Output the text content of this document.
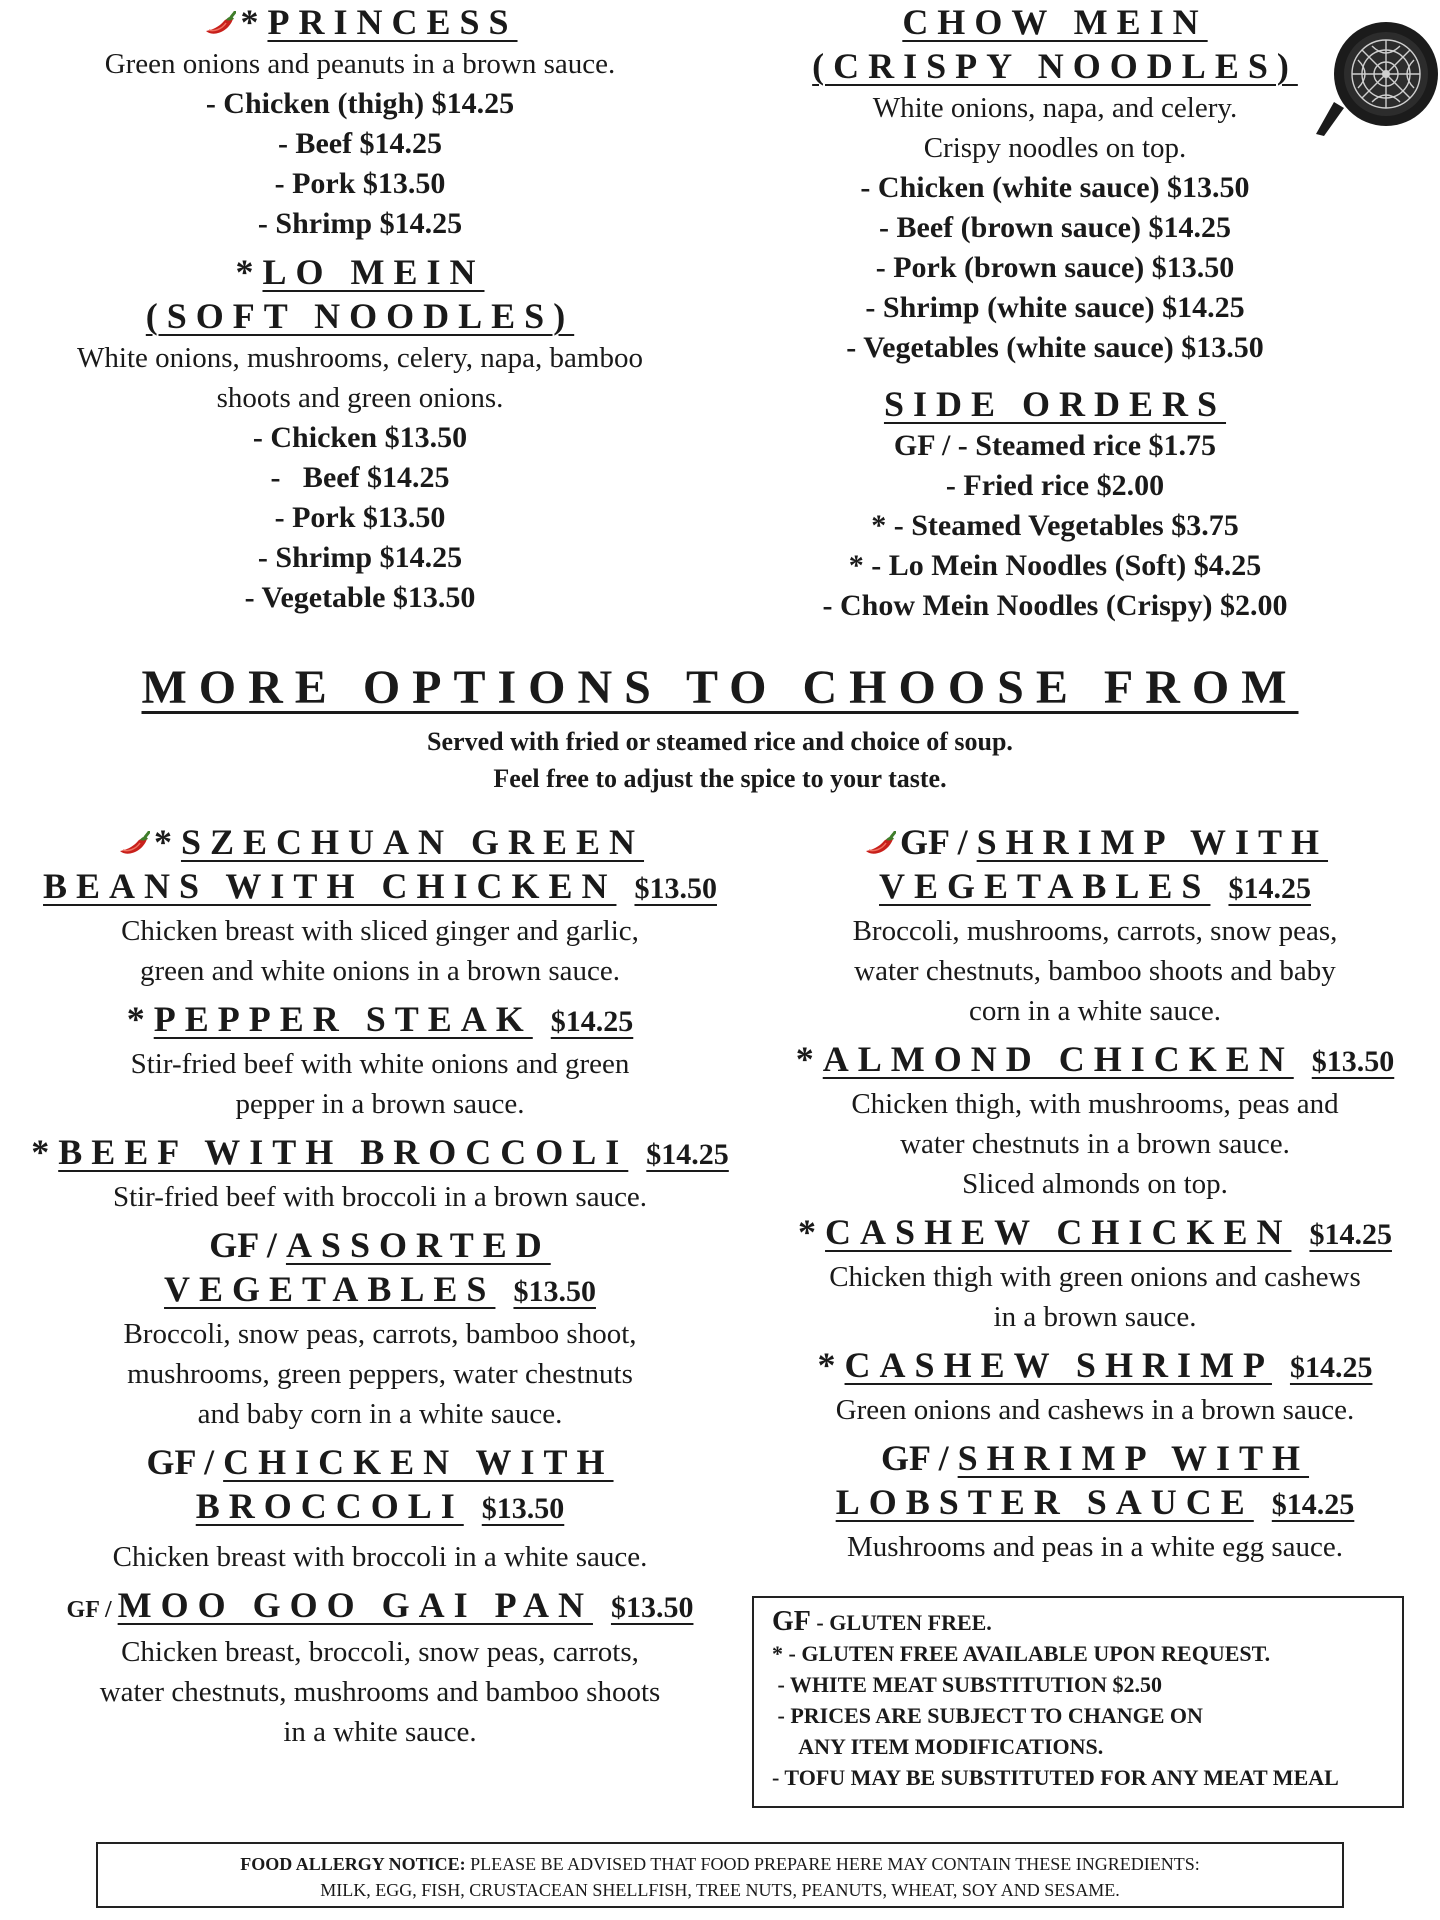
*PRINCESS
Green onions and peanuts in a brown sauce.
- Chicken (thigh) $14.25
- Beef $14.25
- Pork $13.50
- Shrimp $14.25
*LO MEIN
(SOFT NOODLES)
White onions, mushrooms, celery, napa, bamboo
shoots and green onions.
- Chicken $13.50
-   Beef $14.25
- Pork $13.50
- Shrimp $14.25
- Vegetable $13.50
CHOW MEIN
(CRISPY NOODLES)
White onions, napa, and celery.
Crispy noodles on top.
- Chicken (white sauce) $13.50
- Beef (brown sauce) $14.25
- Pork (brown sauce) $13.50
- Shrimp (white sauce) $14.25
- Vegetables (white sauce) $13.50
SIDE ORDERS
GF / - Steamed rice $1.75
- Fried rice $2.00
* - Steamed Vegetables $3.75
* - Lo Mein Noodles (Soft) $4.25
- Chow Mein Noodles (Crispy) $2.00
MORE OPTIONS TO CHOOSE FROM
Served with fried or steamed rice and choice of soup.
Feel free to adjust the spice to your taste.
*SZECHUAN GREEN
BEANS WITH CHICKEN $13.50
Chicken breast with sliced ginger and garlic,
green and white onions in a brown sauce.
*PEPPER STEAK $14.25
Stir-fried beef with white onions and green
pepper in a brown sauce.
*BEEF WITH BROCCOLI $14.25
Stir-fried beef with broccoli in a brown sauce.
GF / ASSORTED
VEGETABLES $13.50
Broccoli, snow peas, carrots, bamboo shoot,
mushrooms, green peppers, water chestnuts
and baby corn in a white sauce.
GF / CHICKEN WITH
BROCCOLI $13.50
Chicken breast with broccoli in a white sauce.
GF / MOO GOO GAI PAN $13.50
Chicken breast, broccoli, snow peas, carrots,
water chestnuts, mushrooms and bamboo shoots
in a white sauce.
GF / SHRIMP WITH
VEGETABLES $14.25
Broccoli, mushrooms, carrots, snow peas,
water chestnuts, bamboo shoots and baby
corn in a white sauce.
*ALMOND CHICKEN $13.50
Chicken thigh, with mushrooms, peas and
water chestnuts in a brown sauce.
Sliced almonds on top.
*CASHEW CHICKEN $14.25
Chicken thigh with green onions and cashews
in a brown sauce.
*CASHEW SHRIMP $14.25
Green onions and cashews in a brown sauce.
GF / SHRIMP WITH
LOBSTER SAUCE $14.25
Mushrooms and peas in a white egg sauce.
GF - GLUTEN FREE.
* - GLUTEN FREE AVAILABLE UPON REQUEST.
- WHITE MEAT SUBSTITUTION $2.50
- PRICES ARE SUBJECT TO CHANGE ON
ANY ITEM MODIFICATIONS.
- TOFU MAY BE SUBSTITUTED FOR ANY MEAT MEAL
FOOD ALLERGY NOTICE: PLEASE BE ADVISED THAT FOOD PREPARE HERE MAY CONTAIN THESE INGREDIENTS:
MILK, EGG, FISH, CRUSTACEAN SHELLFISH, TREE NUTS, PEANUTS, WHEAT, SOY AND SESAME.
